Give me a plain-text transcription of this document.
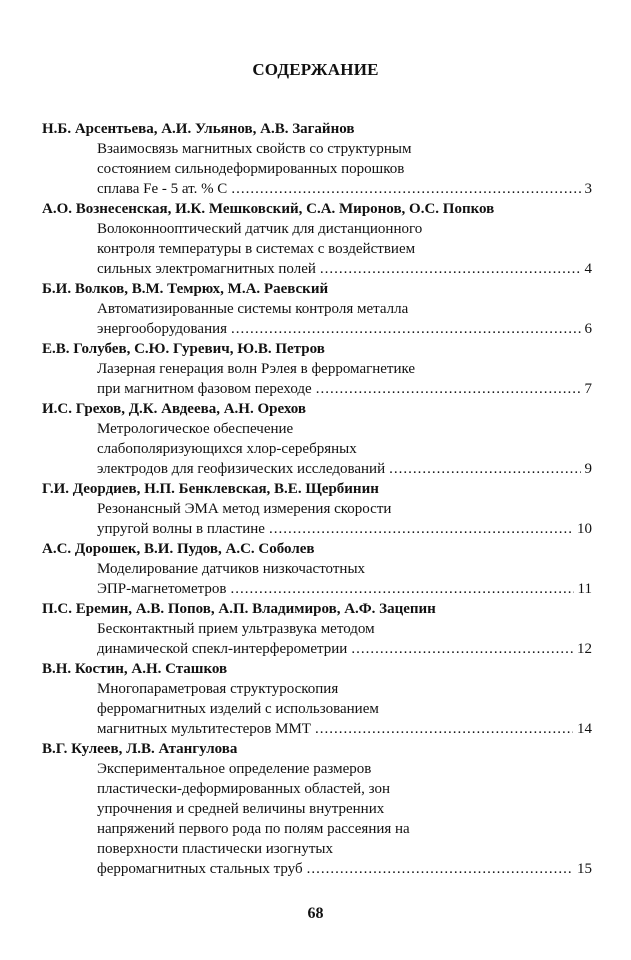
СОДЕРЖАНИЕ
Н.Б. Арсентьева, А.И. Ульянов, А.В. Загайнов
Взаимосвязь магнитных свойств со структурным
состоянием сильнодеформированных порошков
сплава Fe - 5 ат. % C .....	3
А.О. Вознесенская, И.К. Мешковский, С.А. Миронов, О.С. Попков
Волоконнооптический датчик для дистанционного
контроля температуры в системах с воздействием
сильных электромагнитных полей .....	4
Б.И. Волков, В.М. Темрюх, М.А. Раевский
Автоматизированные системы контроля металла
энергооборудования .....	6
Е.В. Голубев, С.Ю. Гуревич, Ю.В. Петров
Лазерная генерация волн Рэлея в ферромагнетике
при магнитном фазовом переходе .....	7
И.С. Грехов, Д.К. Авдеева, А.Н. Орехов
Метрологическое обеспечение
слабополяризующихся хлор-серебряных
электродов для геофизических исследований .....	9
Г.И. Деордиев, Н.П. Бенклевская, В.Е. Щербинин
Резонансный ЭМА метод измерения скорости
упругой волны в пластине .....	10
А.С. Дорошек, В.И. Пудов, А.С. Соболев
Моделирование датчиков низкочастотных
ЭПР-магнетометров .....	11
П.С. Еремин, А.В. Попов, А.П. Владимиров, А.Ф. Зацепин
Бесконтактный прием ультразвука методом
динамической спекл-интерферометрии .....	12
В.Н. Костин, А.Н. Сташков
Многопараметровая структуроскопия
ферромагнитных изделий с использованием
магнитных мультитестеров ММТ .....	14
В.Г. Кулеев, Л.В. Атангулова
Экспериментальное определение размеров
пластически-деформированных областей, зон
упрочнения и средней величины внутренних
напряжений первого рода по полям рассеяния на
поверхности пластически изогнутых
ферромагнитных стальных труб .....	15
68
